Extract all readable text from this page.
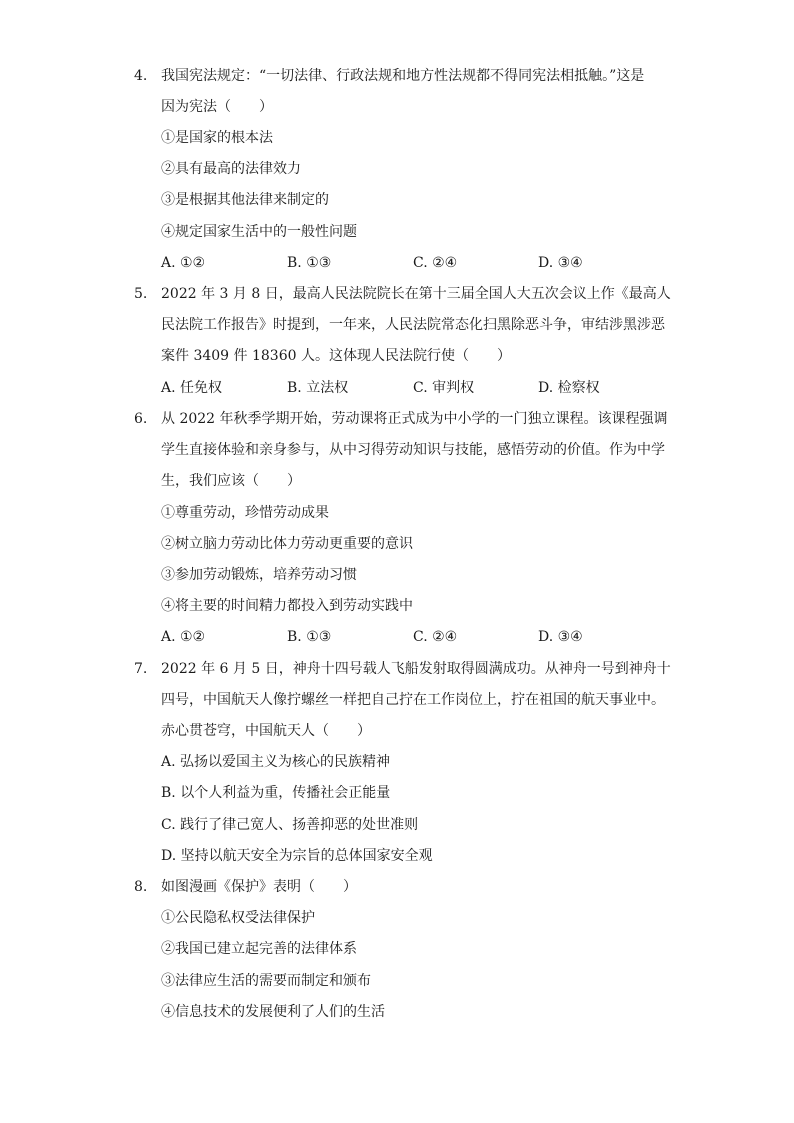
4. 我国宪法规定：“一切法律、行政法规和地方性法规都不得同宪法相抵触。”这是
因为宪法（　　）
①是国家的根本法
②具有最高的法律效力
③是根据其他法律来制定的
④规定国家生活中的一般性问题
A. ①②	B. ①③	C. ②④	D. ③④
5. 2022 年 3 月 8 日，最高人民法院院长在第十三届全国人大五次会议上作《最高人
民法院工作报告》时提到，一年来，人民法院常态化扫黑除恶斗争，审结涉黑涉恶
案件 3409 件 18360 人。这体现人民法院行使（　　）
A. 任免权	B. 立法权	C. 审判权	D. 检察权
6. 从 2022 年秋季学期开始，劳动课将正式成为中小学的一门独立课程。该课程强调
学生直接体验和亲身参与，从中习得劳动知识与技能，感悟劳动的价值。作为中学
生，我们应该（　　）
①尊重劳动，珍惜劳动成果
②树立脑力劳动比体力劳动更重要的意识
③参加劳动锻炼，培养劳动习惯
④将主要的时间精力都投入到劳动实践中
A. ①②	B. ①③	C. ②④	D. ③④
7. 2022 年 6 月 5 日，神舟十四号载人飞船发射取得圆满成功。从神舟一号到神舟十
四号，中国航天人像拧螺丝一样把自己拧在工作岗位上，拧在祖国的航天事业中。
赤心贯苍穹，中国航天人（　　）
A. 弘扬以爱国主义为核心的民族精神
B. 以个人利益为重，传播社会正能量
C. 践行了律己宽人、扬善抑恶的处世准则
D. 坚持以航天安全为宗旨的总体国家安全观
8. 如图漫画《保护》表明（　　）
①公民隐私权受法律保护
②我国已建立起完善的法律体系
③法律应生活的需要而制定和颁布
④信息技术的发展便利了人们的生活
